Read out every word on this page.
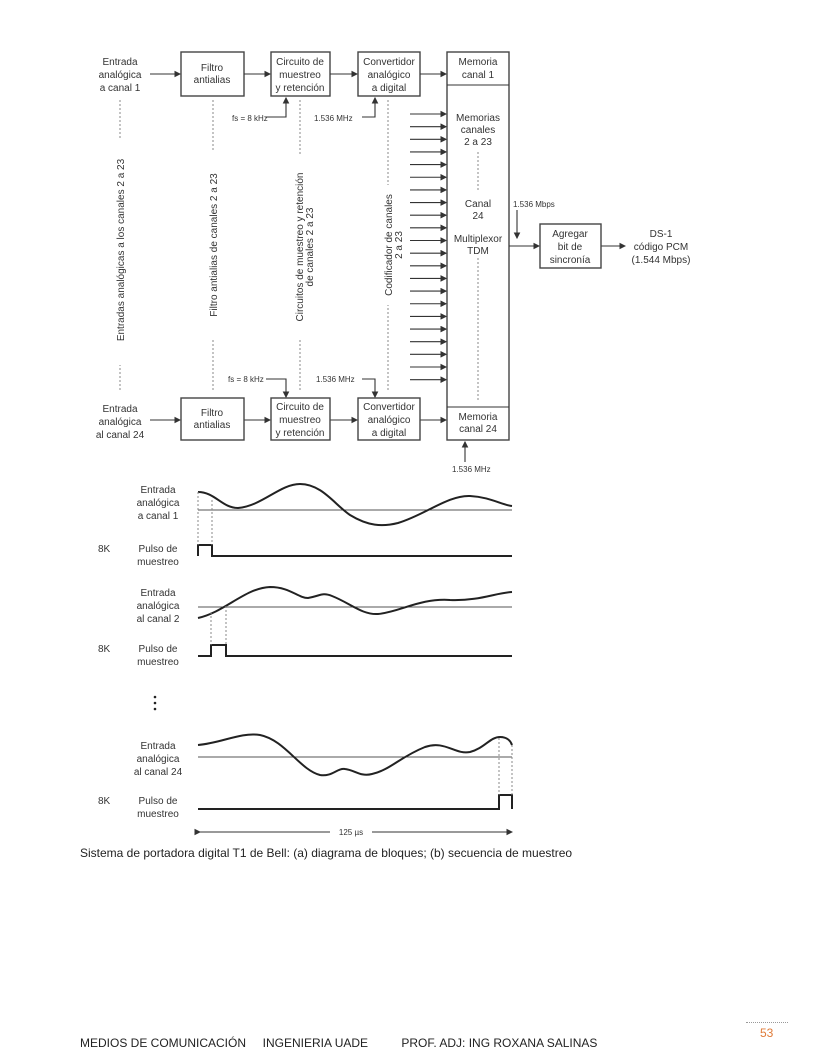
Entrada
analógica
a canal 1
Filtro
antialias
Circuito de
muestreo
y retención
Convertidor
analógico
a digital
Memoria
canal 1
Memorias
canales
2 a 23
Canal
24
Multiplexor
TDM
Memoria
canal 24
fs = 8 kHz	1.536 MHz
fs = 8 kHz	1.536 MHz
1.536 MHz
1.536 Mbps
Entradas analógicas a los canales 2 a 23	Filtro antialias de canales 2 a 23	Circuitos de muestreo y retención de canales 2 a 23	Codificador de canales 2 a 23
Entrada
analógica
al canal 24
Filtro
antialias
Circuito de
muestreo
y retención
Convertidor
analógico
a digital
Agregar
bit de
sincronía
DS-1
código PCM
(1.544 Mbps)
Entrada
analógica
a canal 1
Pulso de
muestreo
Entrada
analógica
al canal 2
Pulso de
muestreo
Entrada
analógica
al canal 24
Pulso de
muestreo
8K
8K
8K
125 µs
Sistema de portadora digital T1 de Bell: (a) diagrama de bloques; (b) secuencia de muestreo
53
MEDIOS DE COMUNICACIÓN     INGENIERIA UADE          PROF. ADJ: ING ROXANA SALINAS
